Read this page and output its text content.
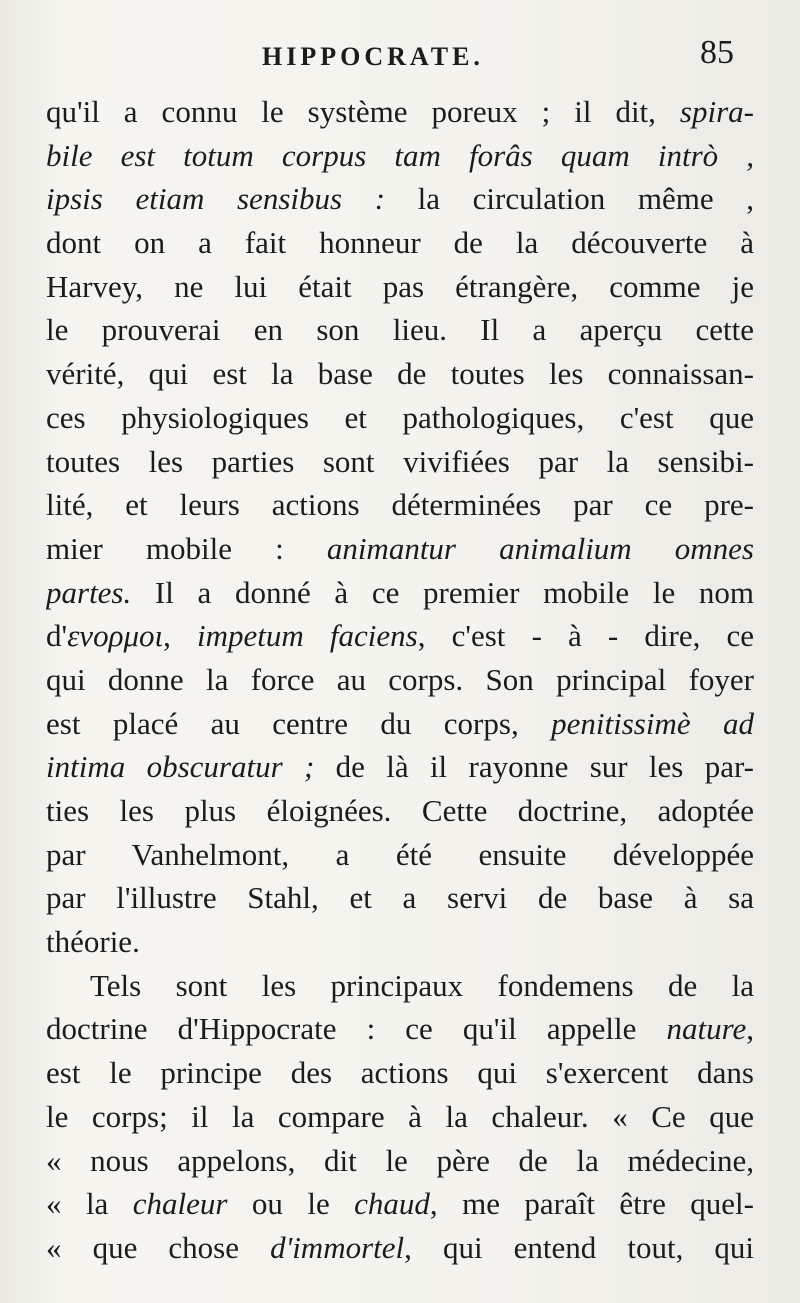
HIPPOCRATE.	85
qu'il a connu le système poreux ; il dit, spira-
bile est totum corpus tam forâs quam intrò ,
ipsis etiam sensibus : la circulation même ,
dont on a fait honneur de la découverte à
Harvey, ne lui était pas étrangère, comme je
le prouverai en son lieu. Il a aperçu cette
vérité, qui est la base de toutes les connaissan-
ces physiologiques et pathologiques, c'est que
toutes les parties sont vivifiées par la sensibi-
lité, et leurs actions déterminées par ce pre-
mier mobile : animantur animalium omnes
partes. Il a donné à ce premier mobile le nom
d'ενορμοι, impetum faciens, c'est - à - dire, ce
qui donne la force au corps. Son principal foyer
est placé au centre du corps, penitissimè ad
intima obscuratur ; de là il rayonne sur les par-
ties les plus éloignées. Cette doctrine, adoptée
par Vanhelmont, a été ensuite développée
par l'illustre Stahl, et a servi de base à sa
théorie.
Tels sont les principaux fondemens de la
doctrine d'Hippocrate : ce qu'il appelle nature,
est le principe des actions qui s'exercent dans
le corps; il la compare à la chaleur. « Ce que
« nous appelons, dit le père de la médecine,
« la chaleur ou le chaud, me paraît être quel-
« que chose d'immortel, qui entend tout, qui
